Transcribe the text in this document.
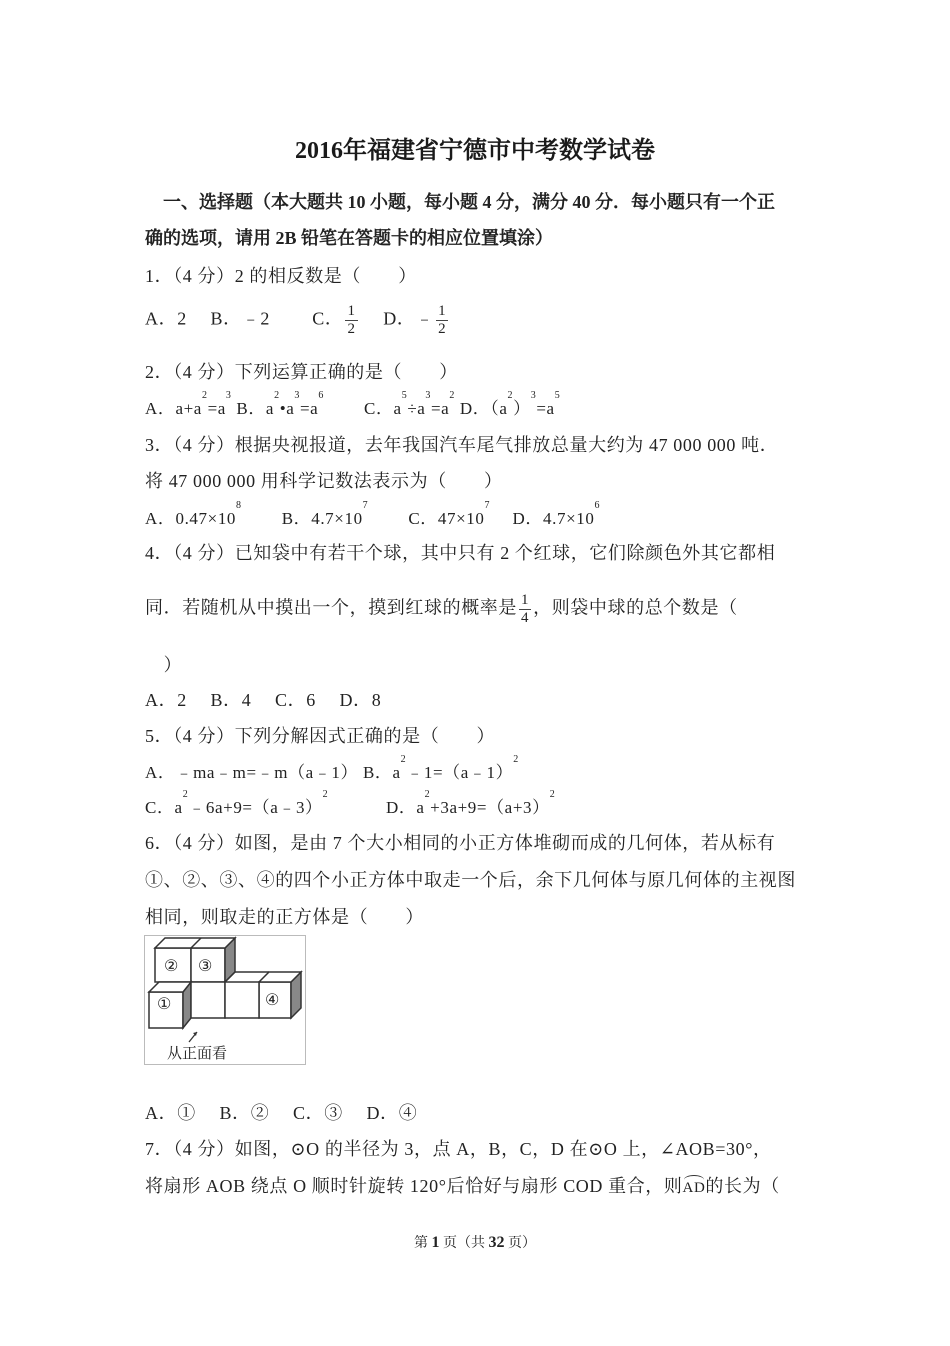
2016年福建省宁德市中考数学试卷
一、选择题（本大题共 10 小题，每小题 4 分，满分 40 分．每小题只有一个正
确的选项，请用 2B 铅笔在答题卡的相应位置填涂）
1．（4 分）2 的相反数是（　　）
A．2　 B．﹣2　　 C． $\frac{1}{2}$
　 D．﹣ $\frac{1}{2}$
2．（4 分）下列运算正确的是（　　）
A．$a+a^2=a^3$ B．$a^2•a^3=a^6$　　 C．$a^5\div a^3=a^2$ D．$(a^2)^3=a^5$
3．（4 分）根据央视报道，去年我国汽车尾气排放总量大约为 47 000 000 吨．
将 47 000 000 用科学记数法表示为（　　）
A．$0.47\times 10^8$　　 B．$4.7\times 10^7$　　 C．$47\times 10^7$　 D．$4.7\times 10^6$
4．（4 分）已知袋中有若干个球，其中只有 2 个红球，它们除颜色外其它都相
同．若随机从中摸出一个，摸到红球的概率是 $\frac{1}{4}$ ，则袋中球的总个数是（
　）
A．2　 B．4　 C．6　 D．8
5．（4 分）下列分解因式正确的是（　　）
A．﹣ma﹣m=﹣m（a﹣1） B．$a^2﹣1=(a﹣1)^2$
C．$a^2﹣6a+9=(a﹣3)^2$　　　 D．$a^2+3a+9=(a+3)^2$
6．（4 分）如图，是由 7 个大小相同的小正方体堆砌而成的几何体，若从标有
①、②、③、④的四个小正方体中取走一个后，余下几何体与原几何体的主视图
相同，则取走的正方体是（　　）
①
② ③
④
从正面看
A．①　 B．②　 C．③　 D．④
7．（4 分）如图，⊙O 的半径为 3，点 A，B，C，D 在⊙O 上，∠AOB=30°，
将扇形 AOB 绕点 O 顺时针旋转 120°后恰好与扇形 COD 重合，则AD的长为（
第 1 页（共 32 页）
